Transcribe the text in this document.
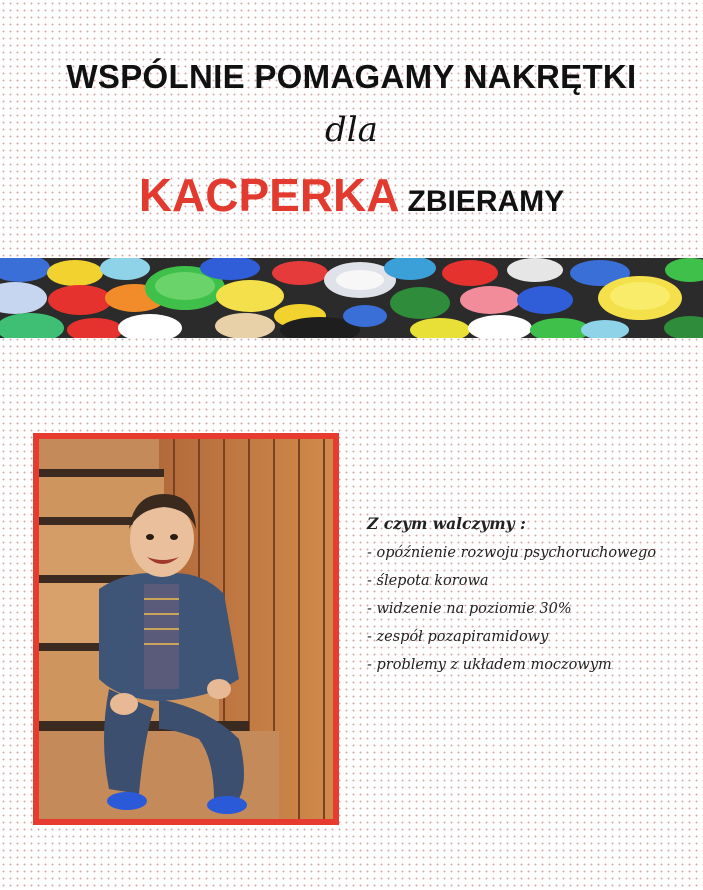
WSPÓLNIE POMAGAMY NAKRĘTKI
dla
KACPERKA ZBIERAMY
Z czym walczymy :
- opóźnienie rozwoju psychoruchowego
- ślepota korowa
- widzenie na poziomie 30%
- zespół pozapiramidowy
- problemy z układem moczowym
